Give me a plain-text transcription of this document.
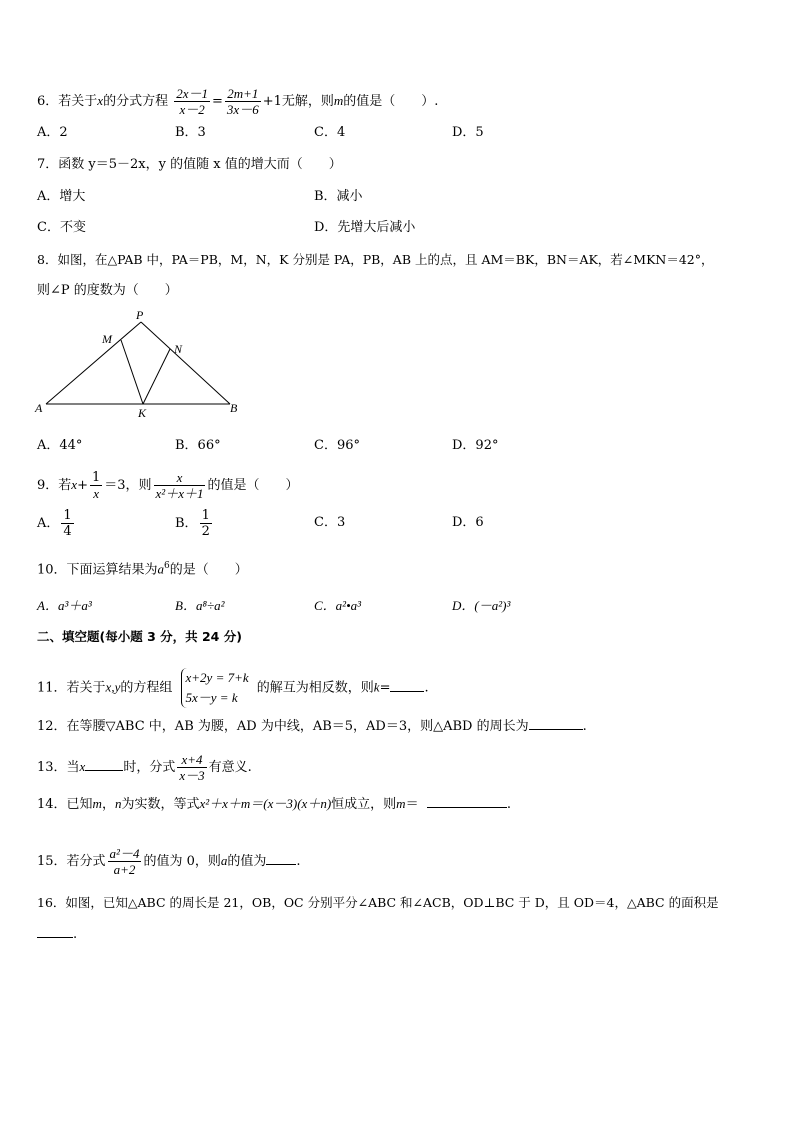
6．若关于x的分式方程 $\frac{2x-1}{x-2} = \frac{2m+1}{3x-6} +1$无解，则m的值是（　　）.
A．2	B．3	C．4	D．5
7．函数 y＝5－2x，y 的值随 x 值的增大而（　　）
A．增大	B．减小
C．不变	D．先增大后减小
8．如图，在△PAB 中，PA＝PB，M，N，K 分别是 PA，PB，AB 上的点，且 AM＝BK，BN＝AK，若∠MKN＝42°，
则∠P 的度数为（　　）
P
M
N
A	K	B
A．44°	B．66°	C．96°	D．92°
9．若$x+ \frac{1}{x} =3$，则 $\frac{x}{\text{x²＋x＋1}}$ 的值是（　　）
A． $\frac{1}{4}$	B． $\frac{1}{2}$	C．3	D．6
10．下面运算结果为$a^6$的是（　　）
A．a³＋a³	B．a⁸÷a²	C．a²•a³	D．(－a²)³
二、填空题(每小题 3 分，共 24 分)
11．若关于x,y的方程组
x+2y = 7+k
5x－y = k
的解互为相反数，则k=	.
12．在等腰▽ABC 中，AB 为腰，AD 为中线，AB＝5，AD＝3，则△ABD 的周长为	.
13．当x	时，分式 $\frac{x+4}{x-3}$ 有意义.
14．已知m，n为实数，等式x²＋x＋m＝(x－3)(x＋n)恒成立，则m＝	.
15．若分式 $\frac{\text{a²－4}}{a+2}$ 的值为 0，则a的值为 .
16．如图，已知△ABC 的周长是 21，OB，OC 分别平分∠ABC 和∠ACB，OD⊥BC 于 D，且 OD＝4，△ABC 的面积是
.
